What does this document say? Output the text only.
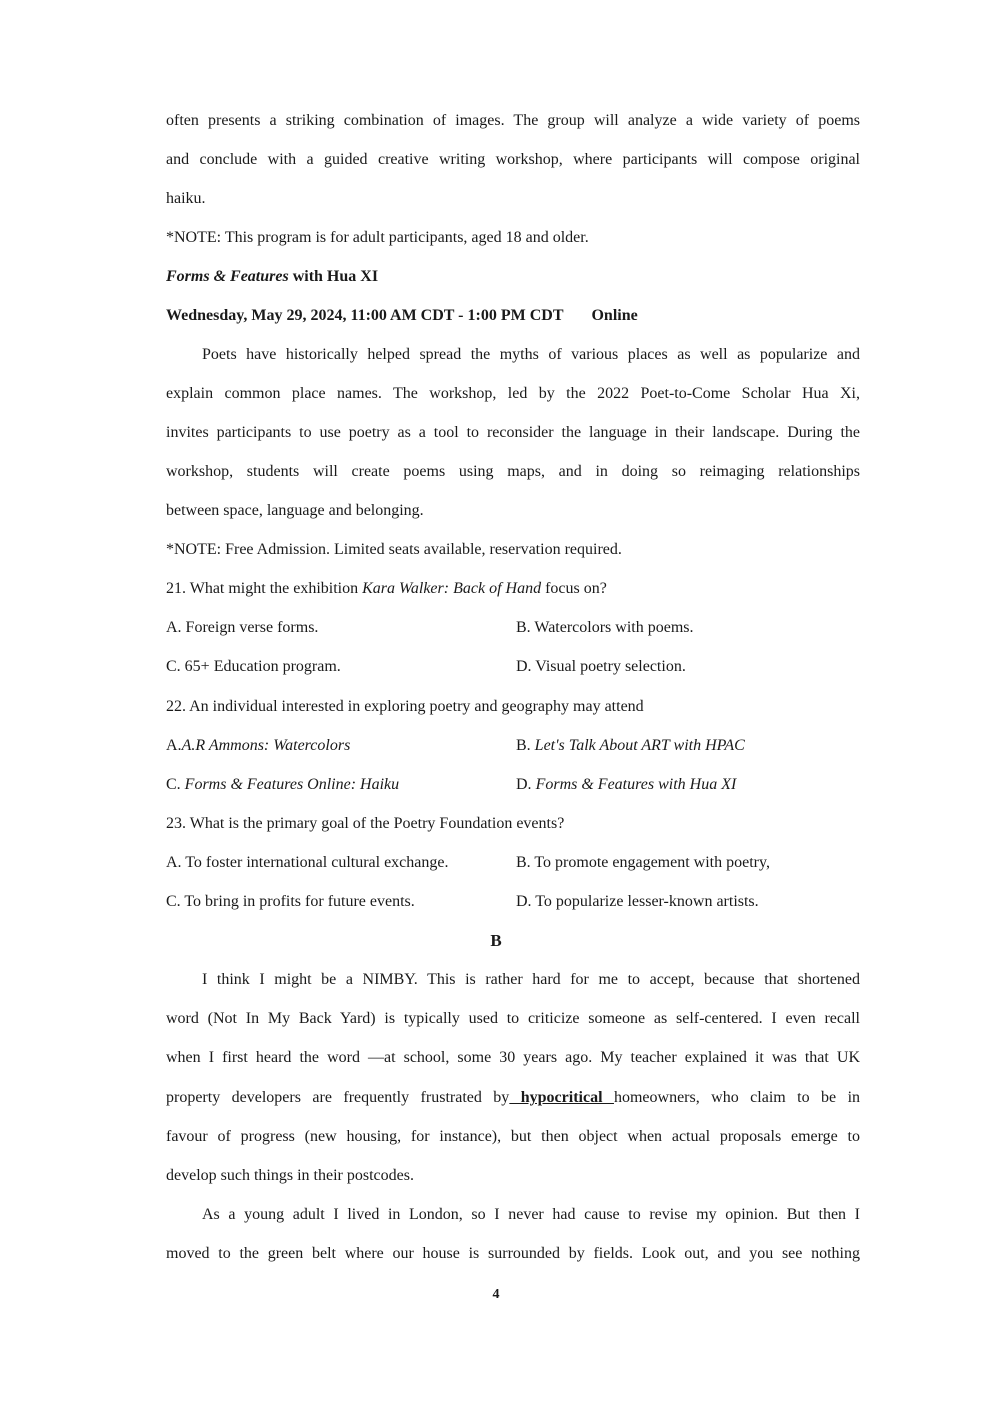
often presents a striking combination of images. The group will analyze a wide variety of poems
and conclude with a guided creative writing workshop, where participants will compose original
haiku.
*NOTE: This program is for adult participants, aged 18 and older.
Forms & Features with Hua XI
Wednesday, May 29, 2024, 11:00 AM CDT - 1:00 PM CDT Online
Poets have historically helped spread the myths of various places as well as popularize and
explain common place names. The workshop, led by the 2022 Poet-to-Come Scholar Hua Xi,
invites participants to use poetry as a tool to reconsider the language in their landscape. During the
workshop, students will create poems using maps, and in doing so reimaging relationships
between space, language and belonging.
*NOTE: Free Admission. Limited seats available, reservation required.
21. What might the exhibition Kara Walker: Back of Hand focus on?
A. Foreign verse forms.	B. Watercolors with poems.
C. 65+ Education program.	D. Visual poetry selection.
22. An individual interested in exploring poetry and geography may attend
A.A.R Ammons: Watercolors	B. Let's Talk About ART with HPAC
C. Forms & Features Online: Haiku	D. Forms & Features with Hua XI
23. What is the primary goal of the Poetry Foundation events?
A. To foster international cultural exchange.	B. To promote engagement with poetry,
C. To bring in profits for future events.	D. To popularize lesser-known artists.
B
I think I might be a NIMBY. This is rather hard for me to accept, because that shortened
word (Not In My Back Yard) is typically used to criticize someone as self-centered. I even recall
when I first heard the word —at school, some 30 years ago. My teacher explained it was that UK
property developers are frequently frustrated by hypocritical homeowners, who claim to be in
favour of progress (new housing, for instance), but then object when actual proposals emerge to
develop such things in their postcodes.
As a young adult I lived in London, so I never had cause to revise my opinion. But then I
moved to the green belt where our house is surrounded by fields. Look out, and you see nothing
4
